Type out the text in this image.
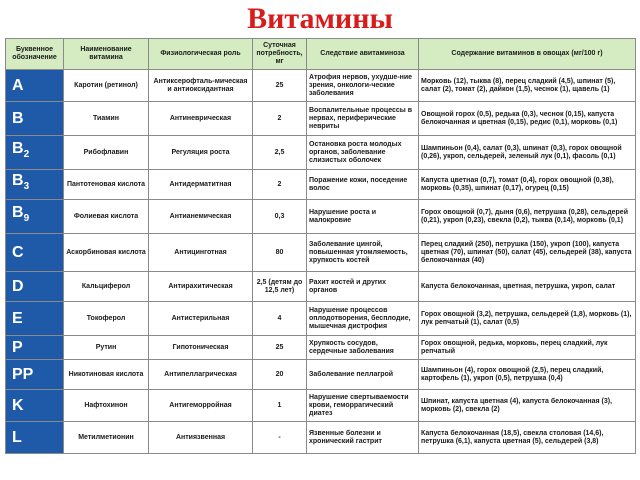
Витамины
Буквенное обозначение	Наименование витамина	Физиологическая роль	Суточная потребность, мг	Следствие авитаминоза	Содержание витаминов в овощах (мг/100 г)
A	Каротин (ретинол)	Антиксерофталь-мическая и антиоксидантная	25	Атрофия нервов, ухудше-ние зрения, онкологи-ческие заболевания	Морковь (12), тыква (8), перец сладкий (4,5), шпинат (5), салат (2), томат (2), дайкон (1,5), чеснок (1), щавель (1)
B	Тиамин	Антиневрическая	2	Воспалительные процессы в нервах, периферические невриты	Овощной горох (0,5), редька (0,3), чеснок (0,15), капуста белокочанная и цветная (0,15), редис (0,1), морковь (0,1)
$B_2$	Рибофлавин	Регуляция роста	2,5	Остановка роста молодых органов, заболевание слизистых оболочек	Шампиньон (0,4), салат (0,3), шпинат (0,3), горох овощной (0,26), укроп, сельдерей, зеленый лук (0,1), фасоль (0,1)
$B_3$	Пантотеновая кислота	Антидерматитная	2	Поражение кожи, поседение волос	Капуста цветная (0,7), томат (0,4), горох овощной (0,38), морковь (0,35), шпинат (0,17), огурец (0,15)
$B_9$	Фолиевая кислота	Антианемическая	0,3	Нарушение роста и малокровие	Горох овощной (0,7), дыня (0,6), петрушка (0,28), сельдерей (0,21), укроп (0,23), свекла (0,2), тыква (0,14), морковь (0,1)
C	Аскорбиновая кислота	Антицинготная	80	Заболевание цингой, повышенная утомляемость, хрупкость костей	Перец сладкий (250), петрушка (150), укроп (100), капуста цветная (70), шпинат (50), салат (45), сельдерей (38), капуста белокочанная (40)
D	Кальциферол	Антирахитическая	2,5 (детям до 12,5 лет)	Рахит костей и других органов	Капуста белокочанная, цветная, петрушка, укроп, салат
E	Токоферол	Антистерильная	4	Нарушение процессов оплодотворения, бесплодие, мышечная дистрофия	Горох овощной (3,2), петрушка, сельдерей (1,8), морковь (1), лук репчатый (1), салат (0,5)
P	Рутин	Гипотоническая	25	Хрупкость сосудов, сердечные заболевания	Горох овощной, редька, морковь, перец сладкий, лук репчатый
PP	Никотиновая кислота	Антипеллагрическая	20	Заболевание пеллагрой	Шампиньон (4), горох овощной (2,5), перец сладкий, картофель (1), укроп (0,5), петрушка (0,4)
K	Нафтохинон	Антигеморройная	1	Нарушение свертываемости крови, геморрагический диатез	Шпинат, капуста цветная (4), капуста белокочанная (3), морковь (2), свекла (2)
L	Метилметионин	Антиязвенная	-	Язвенные болезни и хронический гастрит	Капуста белокочанная (18,5), свекла столовая (14,6), петрушка (6,1), капуста цветная (5), сельдерей (3,8)
